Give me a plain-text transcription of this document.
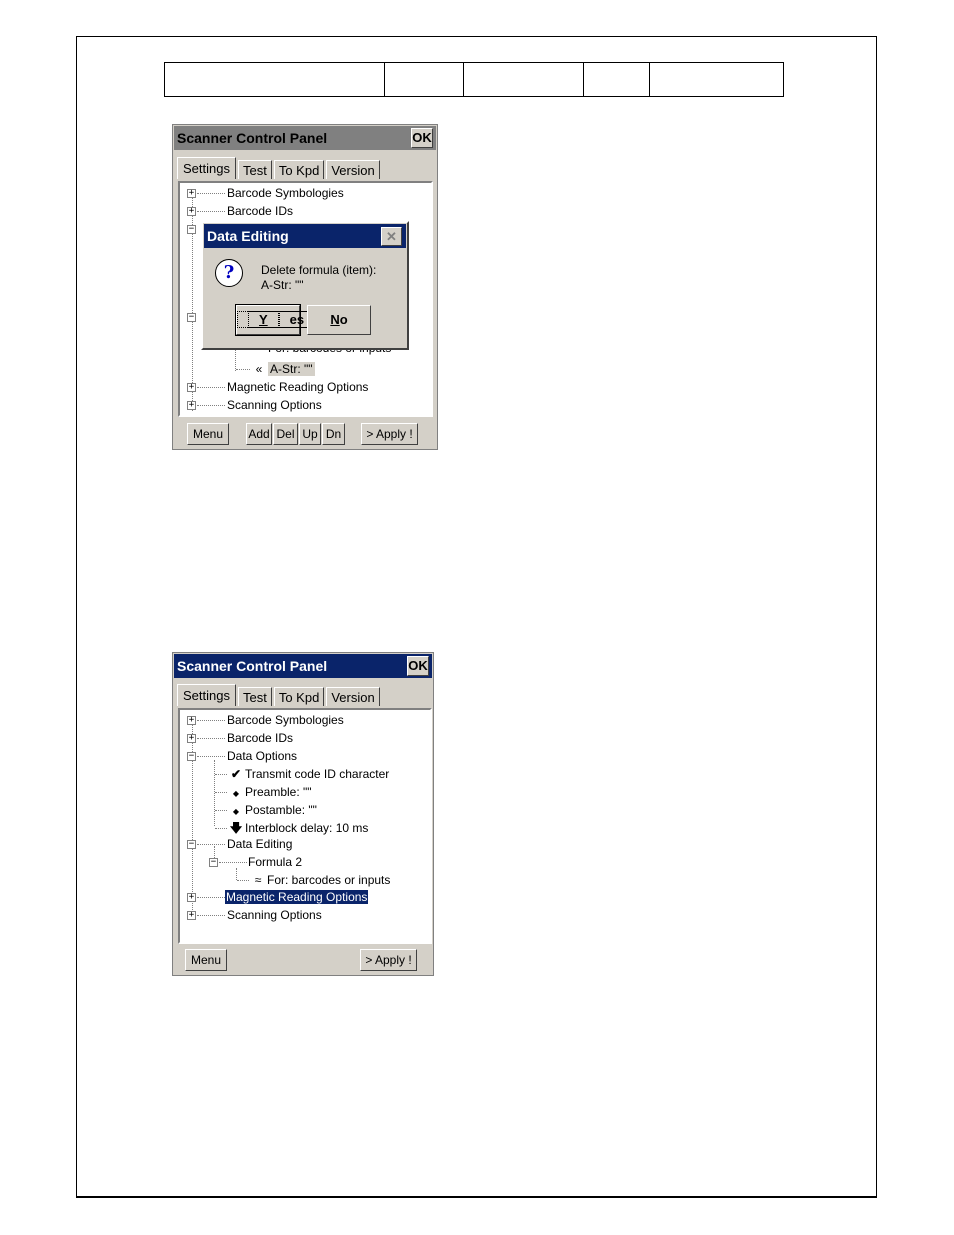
Scanner Control Panel	OK
Settings	Test To Kpd Version
+	Barcode Symbologies
+	Barcode IDs
−
−
« A-Str: ""
+	Magnetic Reading Options
+	Scanning Options
Menu	Add Del Up Dn	> Apply !
Data Editing	✕
?	Delete formula (item):
A-Str: ""
Y es	No
Scanner Control Panel	OK
Settings	Test To Kpd Version
+	Barcode Symbologies
+	Barcode IDs
−	Data Options
✔ Transmit code ID character
◆ Preamble: ""
◆ Postamble: ""
🡇 Interblock delay: 10 ms
−	Data Editing
−	Formula 2
≈ For: barcodes or inputs
+	Magnetic Reading Options
+	Scanning Options
Menu	> Apply !
